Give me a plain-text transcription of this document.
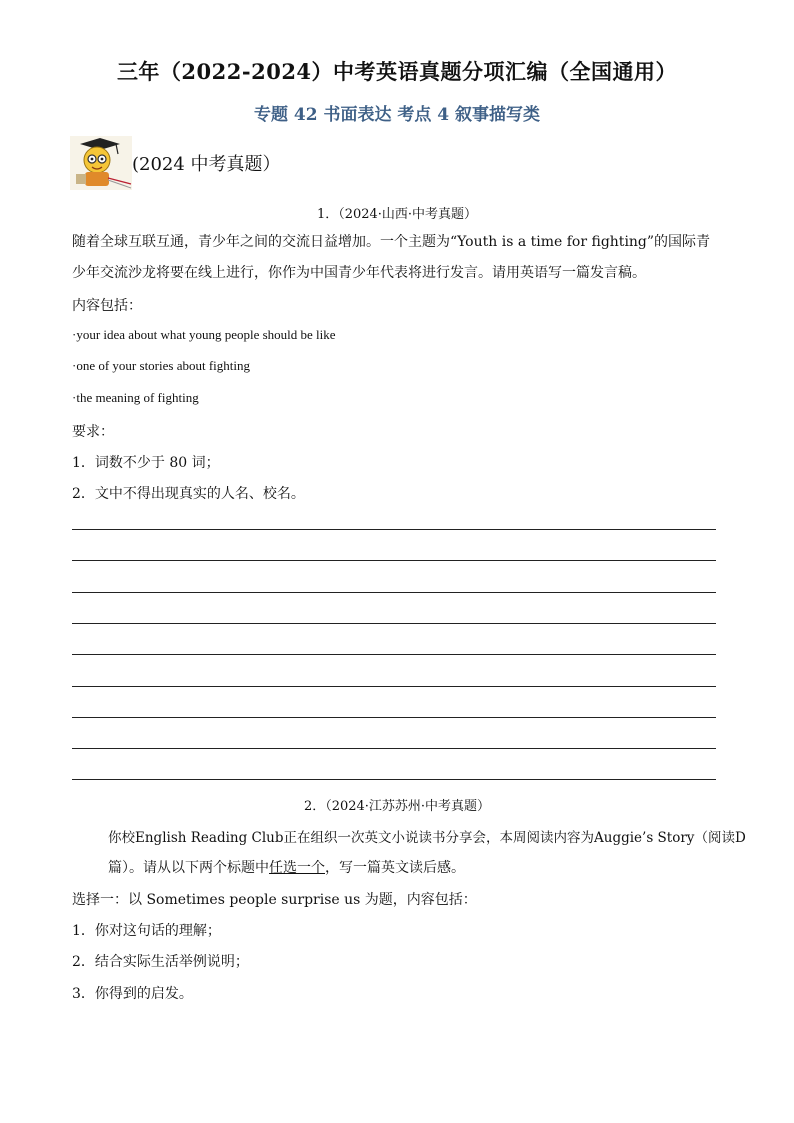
三年（2022-2024）中考英语真题分项汇编（全国通用）
专题 42 书面表达 考点 4 叙事描写类
(2024 中考真题）
1．（2024·山西·中考真题）
随着全球互联互通，青少年之间的交流日益增加。一个主题为“Youth is a time for fighting”的国际青少年交流沙龙将要在线上进行，你作为中国青少年代表将进行发言。请用英语写一篇发言稿。
内容包括：
·your idea about what young people should be like
·one of your stories about fighting
·the meaning of fighting
要求：
1．词数不少于 80 词；
2．文中不得出现真实的人名、校名。
2．（2024·江苏苏州·中考真题）
你校English Reading Club正在组织一次英文小说读书分享会，本周阅读内容为Auggie’s Story（阅读D
篇）。请从以下两个标题中任选一个，写一篇英文读后感。
选择一：以 Sometimes people surprise us 为题，内容包括：
1．你对这句话的理解；
2．结合实际生活举例说明；
3．你得到的启发。
